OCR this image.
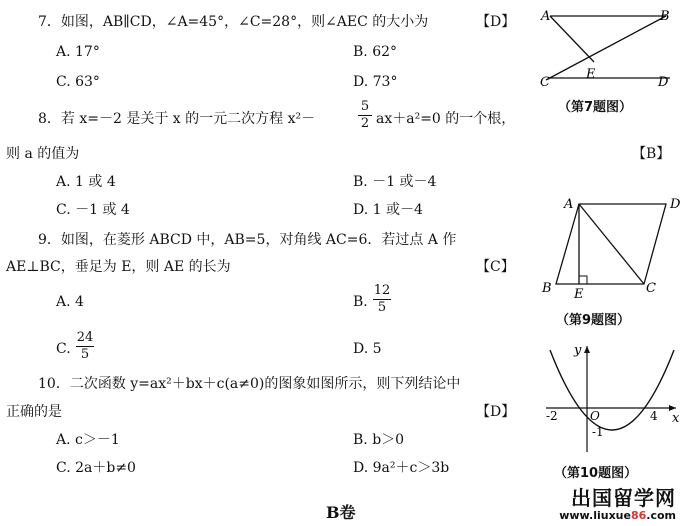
7．如图，AB∥CD，∠A=45°，∠C=28°，则∠AEC 的大小为	【D】
A. 17°	B. 62°
C. 63°	D. 73°
8．若 x=－2 是关于 x 的一元二次方程 x²－
5
2 ax＋a²=0 的一个根，
则 a 的值为	【B】
A. 1 或 4	B. －1 或－4
C. －1 或 4	D. 1 或－4
9．如图，在菱形 ABCD 中，AB=5，对角线 AC=6．若过点 A 作
AE⊥BC，垂足为 E，则 AE 的长为	【C】
A. 4	B.
12
5
C.
24
5	D. 5
10．二次函数 y=ax²＋bx＋c(a≠0)的图象如图所示，则下列结论中
正确的是	【D】
A. c＞－1	B. b＞0
C. 2a＋b≠0	D. 9a²＋c＞3b
B卷
A	B
C
E
D
（第7题图）
A	D
B E	C
（第9题图）
y
x
O
-2	4
-1
（第10题图）
出国留学网
www.liuxue86.com
